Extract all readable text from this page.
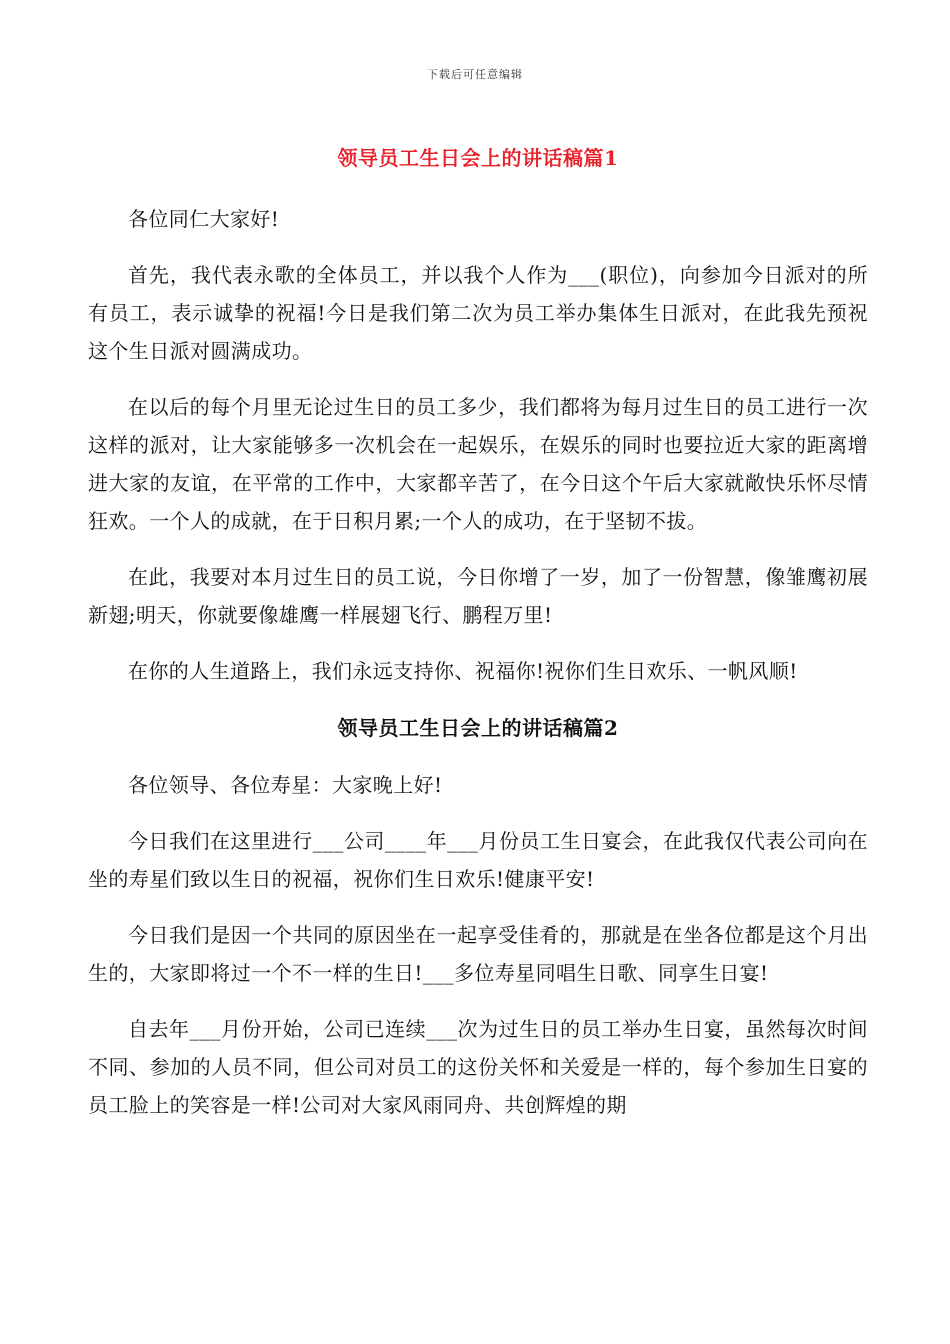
下载后可任意编辑
领导员工生日会上的讲话稿篇1

各位同仁大家好!

首先，我代表永歌的全体员工，并以我个人作为___(职位)，向参加今日派对的所有员工，表示诚挚的祝福!今日是我们第二次为员工举办集体生日派对，在此我先预祝这个生日派对圆满成功。

在以后的每个月里无论过生日的员工多少，我们都将为每月过生日的员工进行一次这样的派对，让大家能够多一次机会在一起娱乐，在娱乐的同时也要拉近大家的距离增进大家的友谊，在平常的工作中，大家都辛苦了，在今日这个午后大家就敞快乐怀尽情狂欢。一个人的成就，在于日积月累;一个人的成功，在于坚韧不拔。

在此，我要对本月过生日的员工说，今日你增了一岁，加了一份智慧，像雏鹰初展新翅;明天，你就要像雄鹰一样展翅飞行、鹏程万里!

在你的人生道路上，我们永远支持你、祝福你!祝你们生日欢乐、一帆风顺!

领导员工生日会上的讲话稿篇2

各位领导、各位寿星：大家晚上好!

今日我们在这里进行___公司____年___月份员工生日宴会，在此我仅代表公司向在坐的寿星们致以生日的祝福，祝你们生日欢乐!健康平安!

今日我们是因一个共同的原因坐在一起享受佳肴的，那就是在坐各位都是这个月出生的，大家即将过一个不一样的生日!___多位寿星同唱生日歌、同享生日宴!

自去年___月份开始，公司已连续___次为过生日的员工举办生日宴，虽然每次时间不同、参加的人员不同，但公司对员工的这份关怀和关爱是一样的，每个参加生日宴的员工脸上的笑容是一样!公司对大家风雨同舟、共创辉煌的期
